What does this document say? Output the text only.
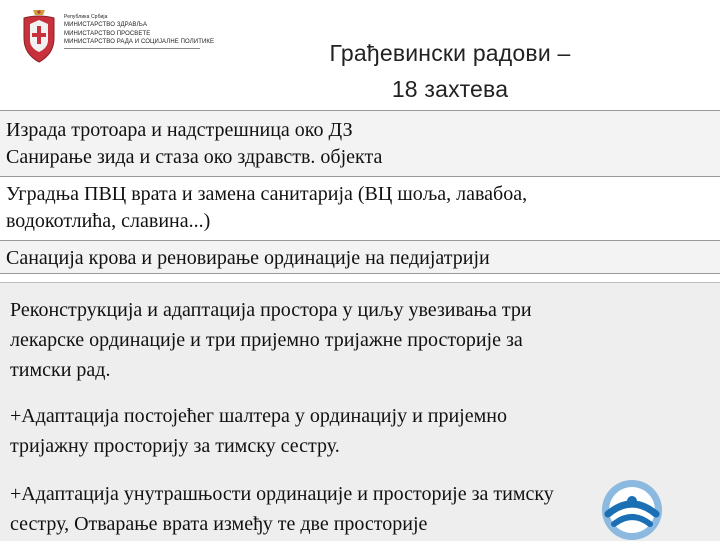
Република Србија
МИНИСТАРСТВО ЗДРАВЉА
МИНИСТАРСТВО ПРОСВЕТЕ
МИНИСТАРСТВО РАДА И СОЦИЈАЛНЕ ПОЛИТИКЕ	Грађевински радови –
18 захтева
Израда тротоара и надстрешница око ДЗ
Санирање зида и стаза око здравств. објекта
Уградња ПВЦ врата и замена санитарија (ВЦ шоља, лавабоа,
водокотлића, славина...)
Санација крова и реновирање ординације на педијатрији
Реконструкција и адаптација простора у циљу увезивања три
лекарске ординације и три пријемно тријажне просторије за
тимски рад.
+Адаптација постојећег шалтера у ординацију и пријемно
тријажну просторију за тимску сестру.
+Адаптација унутрашњости ординације и просторије за тимску
сестру, Отварање врата између те две просторије
